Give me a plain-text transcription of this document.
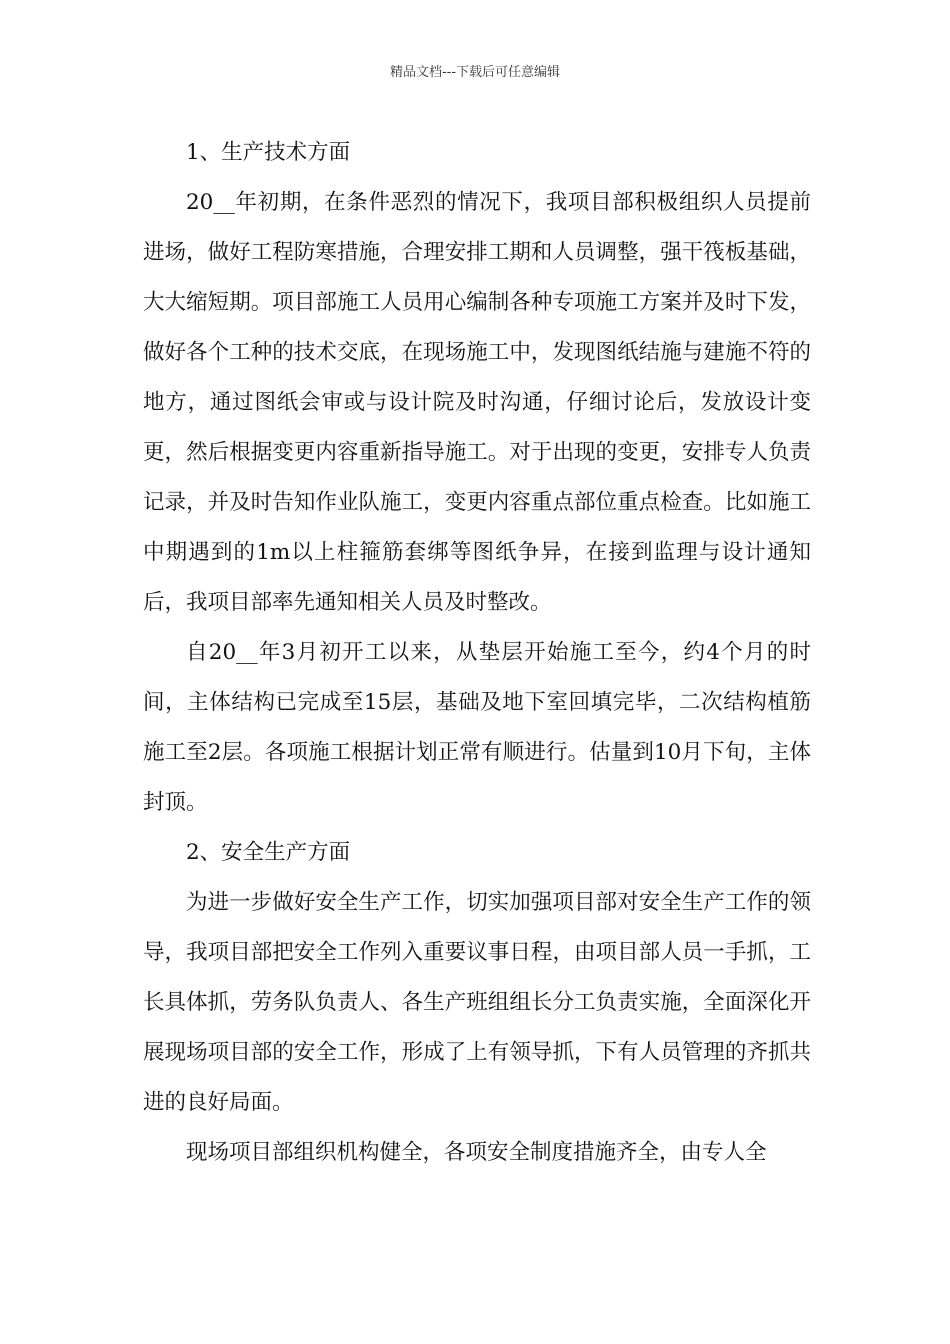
精品文档---下载后可任意编辑

1、生产技术方面

20__年初期，在条件恶烈的情况下，我项目部积极组织人员提前进场，做好工程防寒措施，合理安排工期和人员调整，强干筏板基础，大大缩短期。项目部施工人员用心编制各种专项施工方案并及时下发，做好各个工种的技术交底，在现场施工中，发现图纸结施与建施不符的地方，通过图纸会审或与设计院及时沟通，仔细讨论后，发放设计变更，然后根据变更内容重新指导施工。对于出现的变更，安排专人负责记录，并及时告知作业队施工，变更内容重点部位重点检查。比如施工中期遇到的1m以上柱箍筋套绑等图纸争异，在接到监理与设计通知后，我项目部率先通知相关人员及时整改。

自20__年3月初开工以来，从垫层开始施工至今，约4个月的时间，主体结构已完成至15层，基础及地下室回填完毕，二次结构植筋施工至2层。各项施工根据计划正常有顺进行。估量到10月下旬，主体封顶。

2、安全生产方面

为进一步做好安全生产工作，切实加强项目部对安全生产工作的领导，我项目部把安全工作列入重要议事日程，由项目部人员一手抓，工长具体抓，劳务队负责人、各生产班组组长分工负责实施，全面深化开展现场项目部的安全工作，形成了上有领导抓，下有人员管理的齐抓共进的良好局面。

现场项目部组织机构健全，各项安全制度措施齐全，由专人全
